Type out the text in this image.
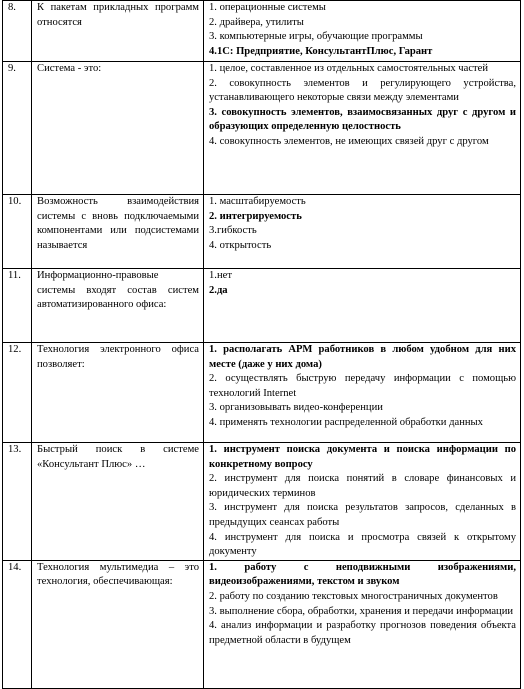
8.	К пакетам прикладных программ относятся	1. операционные системы
2. драйвера, утилиты
3. компьютерные игры, обучающие программы
4.1С: Предприятие, КонсультантПлюс, Гарант

9.	Система - это:	1. целое, составленное из отдельных самостоятельных частей
2. совокупность элементов и регулирующего устройства, устанавливающего некоторые связи между элементами
3. совокупность элементов, взаимосвязанных друг с другом и образующих определенную целостность
4. совокупность элементов, не имеющих связей друг с другом

10.	Возможность взаимодействия системы с вновь подключаемыми компонентами или подсистемами называется	1. масштабируемость
2. интегрируемость
3.гибкость
4. открытость

11.	Информационно-правовые системы входят состав систем автоматизированного офиса:	1.нет
2.да

12.	Технология электронного офиса позволяет:	1. располагать АРМ работников в любом удобном для них месте (даже у них дома)
2. осуществлять быструю передачу информации с помощью технологий Internet
3. организовывать видео-конференции
4. применять технологии распределенной обработки данных

13.	Быстрый поиск в системе «Консультант Плюс» …	1. инструмент поиска документа и поиска информации по конкретному вопросу
2. инструмент для поиска понятий в словаре финансовых и юридических терминов
3. инструмент для поиска результатов запросов, сделанных в предыдущих сеансах работы
4. инструмент для поиска и просмотра связей к открытому документу

14.	Технология мультимедиа – это технология, обеспечивающая:	1. работу с неподвижными изображениями, видеоизображениями, текстом и звуком
2. работу по созданию текстовых многостраничных документов
3. выполнение сбора, обработки, хранения и передачи информации
4. анализ информации и разработку прогнозов поведения объекта предметной области в будущем
